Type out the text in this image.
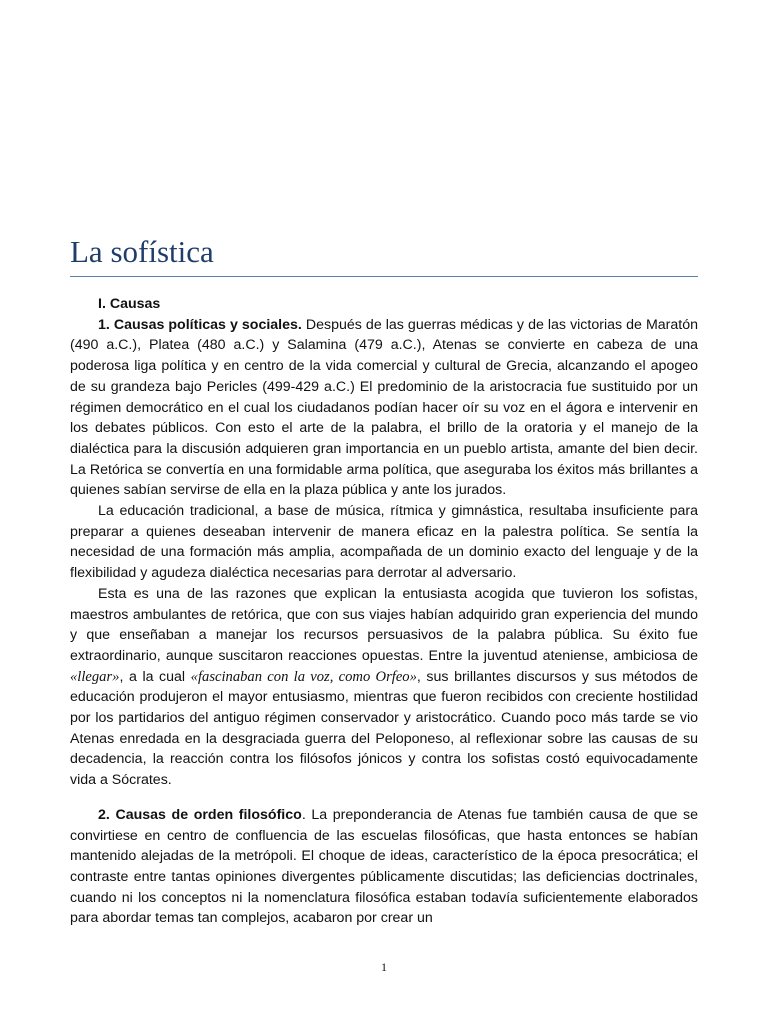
La sofística

I. Causas

1. Causas políticas y sociales. Después de las guerras médicas y de las victorias de Maratón (490 a.C.), Platea (480 a.C.) y Salamina (479 a.C.), Atenas se convierte en cabeza de una poderosa liga política y en centro de la vida comercial y cultural de Grecia, alcanzando el apogeo de su grandeza bajo Pericles (499-429 a.C.) El predominio de la aristocracia fue sustituido por un régimen democrático en el cual los ciudadanos podían hacer oír su voz en el ágora e intervenir en los debates públicos. Con esto el arte de la palabra, el brillo de la oratoria y el manejo de la dialéctica para la discusión adquieren gran importancia en un pueblo artista, amante del bien decir. La Retórica se convertía en una formidable arma política, que aseguraba los éxitos más brillantes a quienes sabían servirse de ella en la plaza pública y ante los jurados.

La educación tradicional, a base de música, rítmica y gimnástica, resultaba insuficiente para preparar a quienes deseaban intervenir de manera eficaz en la palestra política. Se sentía la necesidad de una formación más amplia, acompañada de un dominio exacto del lenguaje y de la flexibilidad y agudeza dialéctica necesarias para derrotar al adversario.

Esta es una de las razones que explican la entusiasta acogida que tuvieron los sofistas, maestros ambulantes de retórica, que con sus viajes habían adquirido gran experiencia del mundo y que enseñaban a manejar los recursos persuasivos de la palabra pública. Su éxito fue extraordinario, aunque suscitaron reacciones opuestas. Entre la juventud ateniense, ambiciosa de «llegar», a la cual «fascinaban con la voz, como Orfeo», sus brillantes discursos y sus métodos de educación produjeron el mayor entusiasmo, mientras que fueron recibidos con creciente hostilidad por los partidarios del antiguo régimen conservador y aristocrático. Cuando poco más tarde se vio Atenas enredada en la desgraciada guerra del Peloponeso, al reflexionar sobre las causas de su decadencia, la reacción contra los filósofos jónicos y contra los sofistas costó equivocadamente vida a Sócrates.

2. Causas de orden filosófico. La preponderancia de Atenas fue también causa de que se convirtiese en centro de confluencia de las escuelas filosóficas, que hasta entonces se habían mantenido alejadas de la metrópoli. El choque de ideas, característico de la época presocrática; el contraste entre tantas opiniones divergentes públicamente discutidas; las deficiencias doctrinales, cuando ni los conceptos ni la nomenclatura filosófica estaban todavía suficientemente elaborados para abordar temas tan complejos, acabaron por crear un

1
